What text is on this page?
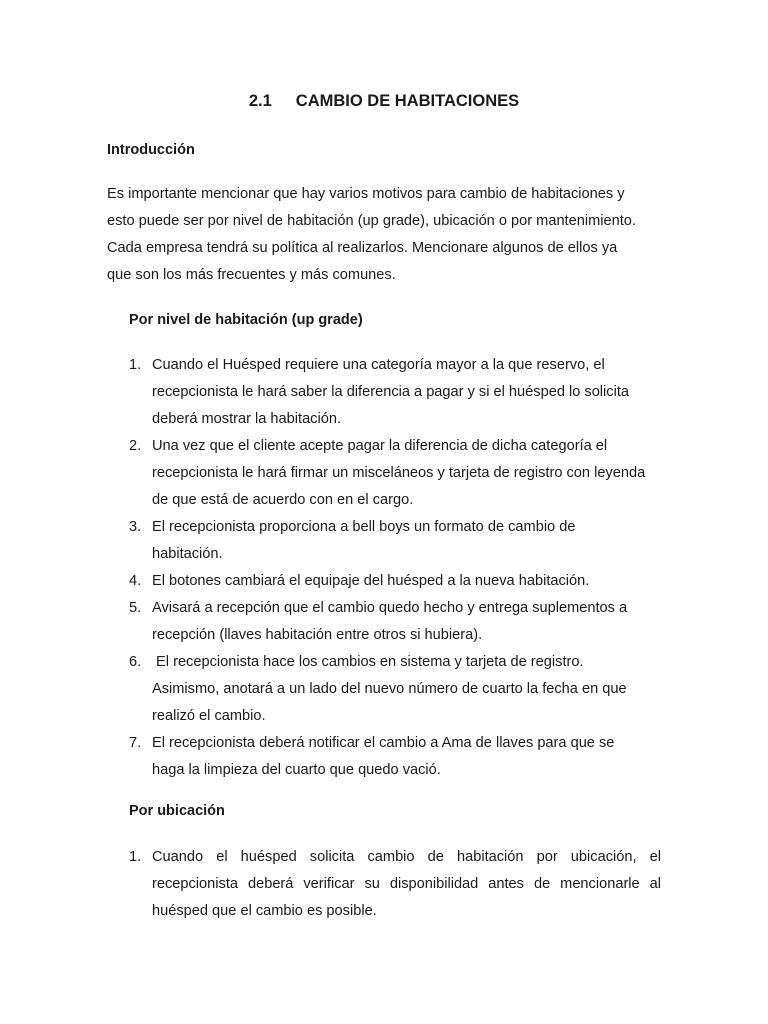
2.1 CAMBIO DE HABITACIONES
Introducción
Es importante mencionar que hay varios motivos para cambio de habitaciones y
esto puede ser por nivel de habitación (up grade), ubicación o por mantenimiento.
Cada empresa tendrá su política al realizarlos. Mencionare algunos de ellos ya
que son los más frecuentes y más comunes.
Por nivel de habitación (up grade)
1. Cuando el Huésped requiere una categoría mayor a la que reservo, el
recepcionista le hará saber la diferencia a pagar y si el huésped lo solicita
deberá mostrar la habitación.
2. Una vez que el cliente acepte pagar la diferencia de dicha categoría el
recepcionista le hará firmar un misceláneos y tarjeta de registro con leyenda
de que está de acuerdo con en el cargo.
3. El recepcionista proporciona a bell boys un formato de cambio de
habitación.
4. El botones cambiará el equipaje del huésped a la nueva habitación.
5. Avisará a recepción que el cambio quedo hecho y entrega suplementos a
recepción (llaves habitación entre otros si hubiera).
6. El recepcionista hace los cambios en sistema y tarjeta de registro.
Asimismo, anotará a un lado del nuevo número de cuarto la fecha en que
realizó el cambio.
7. El recepcionista deberá notificar el cambio a Ama de llaves para que se
haga la limpieza del cuarto que quedo vació.
Por ubicación
1. Cuando el huésped solicita cambio de habitación por ubicación, el
recepcionista deberá verificar su disponibilidad antes de mencionarle al
huésped que el cambio es posible.
